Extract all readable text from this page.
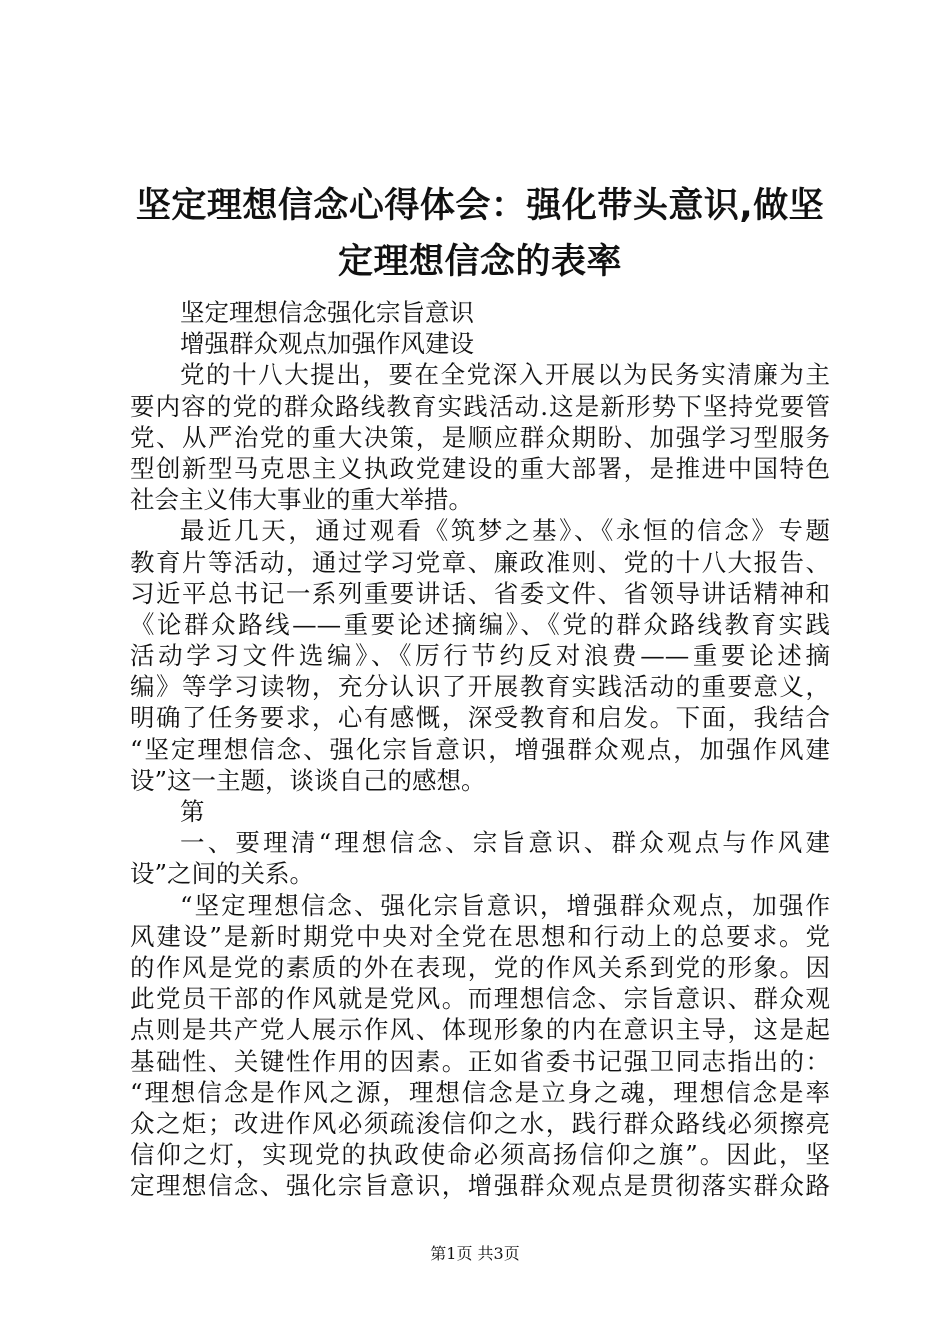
坚定理想信念心得体会：强化带头意识,做坚
定理想信念的表率
坚定理想信念强化宗旨意识
增强群众观点加强作风建设
党的十八大提出，要在全党深入开展以为民务实清廉为主
要内容的党的群众路线教育实践活动.这是新形势下坚持党要管
党、从严治党的重大决策，是顺应群众期盼、加强学习型服务
型创新型马克思主义执政党建设的重大部署，是推进中国特色
社会主义伟大事业的重大举措。
最近几天，通过观看《筑梦之基》、《永恒的信念》专题
教育片等活动，通过学习党章、廉政准则、党的十八大报告、
习近平总书记一系列重要讲话、省委文件、省领导讲话精神和
《论群众路线——重要论述摘编》、《党的群众路线教育实践
活动学习文件选编》、《厉行节约反对浪费——重要论述摘
编》等学习读物，充分认识了开展教育实践活动的重要意义，
明确了任务要求，心有感慨，深受教育和启发。下面，我结合
“坚定理想信念、强化宗旨意识，增强群众观点，加强作风建
设”这一主题，谈谈自己的感想。
第
一、要理清“理想信念、宗旨意识、群众观点与作风建
设”之间的关系。
“坚定理想信念、强化宗旨意识，增强群众观点，加强作
风建设”是新时期党中央对全党在思想和行动上的总要求。党
的作风是党的素质的外在表现，党的作风关系到党的形象。因
此党员干部的作风就是党风。而理想信念、宗旨意识、群众观
点则是共产党人展示作风、体现形象的内在意识主导，这是起
基础性、关键性作用的因素。正如省委书记强卫同志指出的：
“理想信念是作风之源，理想信念是立身之魂，理想信念是率
众之炬；改进作风必须疏浚信仰之水，践行群众路线必须擦亮
信仰之灯，实现党的执政使命必须高扬信仰之旗”。因此，坚
定理想信念、强化宗旨意识，增强群众观点是贯彻落实群众路
第1页 共3页
